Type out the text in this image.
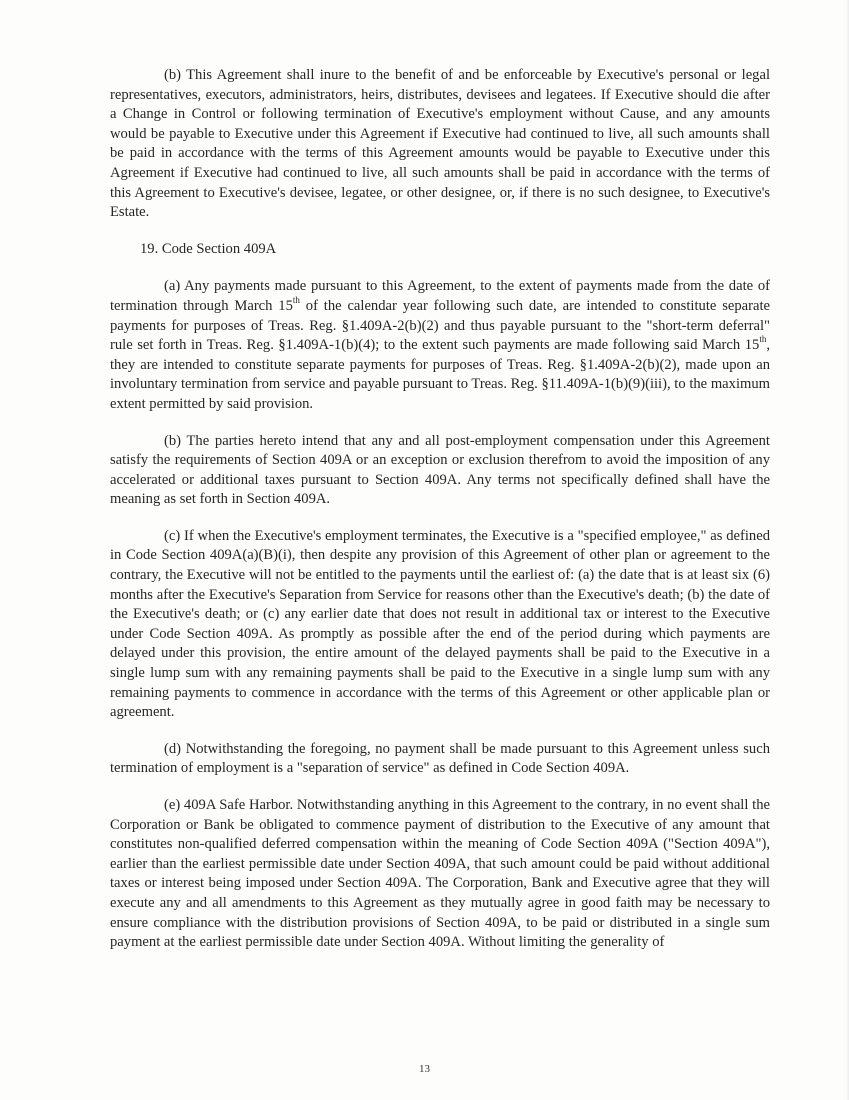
(b) This Agreement shall inure to the benefit of and be enforceable by Executive's personal or legal representatives, executors, administrators, heirs, distributes, devisees and legatees. If Executive should die after a Change in Control or following termination of Executive's employment without Cause, and any amounts would be payable to Executive under this Agreement if Executive had continued to live, all such amounts shall be paid in accordance with the terms of this Agreement amounts would be payable to Executive under this Agreement if Executive had continued to live, all such amounts shall be paid in accordance with the terms of this Agreement to Executive's devisee, legatee, or other designee, or, if there is no such designee, to Executive's Estate.

19. Code Section 409A

(a) Any payments made pursuant to this Agreement, to the extent of payments made from the date of termination through March 15th of the calendar year following such date, are intended to constitute separate payments for purposes of Treas. Reg. §1.409A-2(b)(2) and thus payable pursuant to the "short-term deferral" rule set forth in Treas. Reg. §1.409A-1(b)(4); to the extent such payments are made following said March 15th, they are intended to constitute separate payments for purposes of Treas. Reg. §1.409A-2(b)(2), made upon an involuntary termination from service and payable pursuant to Treas. Reg. §11.409A-1(b)(9)(iii), to the maximum extent permitted by said provision.

(b) The parties hereto intend that any and all post-employment compensation under this Agreement satisfy the requirements of Section 409A or an exception or exclusion therefrom to avoid the imposition of any accelerated or additional taxes pursuant to Section 409A. Any terms not specifically defined shall have the meaning as set forth in Section 409A.

(c) If when the Executive's employment terminates, the Executive is a "specified employee," as defined in Code Section 409A(a)(B)(i), then despite any provision of this Agreement of other plan or agreement to the contrary, the Executive will not be entitled to the payments until the earliest of: (a) the date that is at least six (6) months after the Executive's Separation from Service for reasons other than the Executive's death; (b) the date of the Executive's death; or (c) any earlier date that does not result in additional tax or interest to the Executive under Code Section 409A. As promptly as possible after the end of the period during which payments are delayed under this provision, the entire amount of the delayed payments shall be paid to the Executive in a single lump sum with any remaining payments shall be paid to the Executive in a single lump sum with any remaining payments to commence in accordance with the terms of this Agreement or other applicable plan or agreement.

(d) Notwithstanding the foregoing, no payment shall be made pursuant to this Agreement unless such termination of employment is a "separation of service" as defined in Code Section 409A.

(e) 409A Safe Harbor. Notwithstanding anything in this Agreement to the contrary, in no event shall the Corporation or Bank be obligated to commence payment of distribution to the Executive of any amount that constitutes non-qualified deferred compensation within the meaning of Code Section 409A ("Section 409A"), earlier than the earliest permissible date under Section 409A, that such amount could be paid without additional taxes or interest being imposed under Section 409A. The Corporation, Bank and Executive agree that they will execute any and all amendments to this Agreement as they mutually agree in good faith may be necessary to ensure compliance with the distribution provisions of Section 409A, to be paid or distributed in a single sum payment at the earliest permissible date under Section 409A. Without limiting the generality of

13
